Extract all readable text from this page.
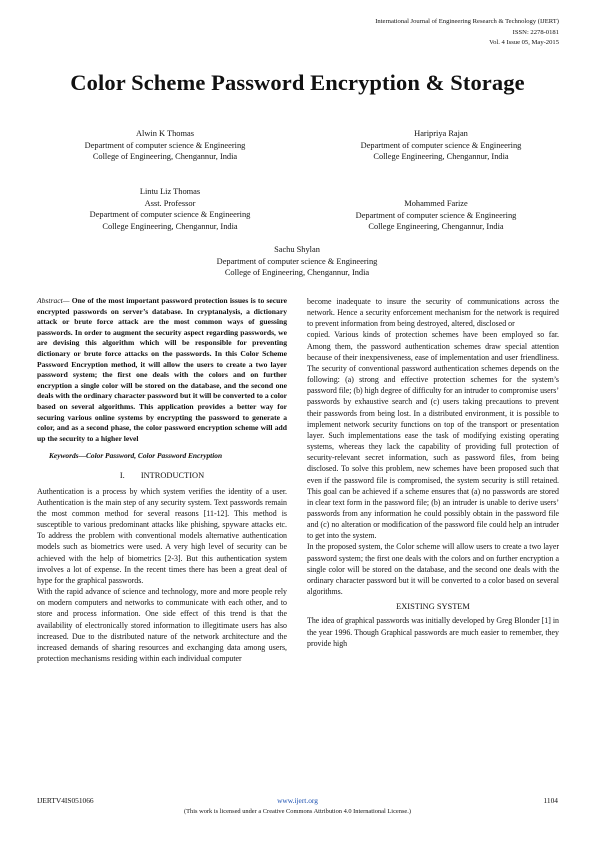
International Journal of Engineering Research & Technology (IJERT)
ISSN: 2278-0181
Vol. 4 Issue 05, May-2015
Color Scheme Password Encryption & Storage
Alwin K Thomas
Department of computer science & Engineering
College of Engineering, Chengannur, India
Haripriya Rajan
Department of computer science & Engineering
College Engineering, Chengannur, India
Lintu Liz Thomas
Asst. Professor
Department of computer science & Engineering
College Engineering, Chengannur, India
Mohammed Farize
Department of computer science & Engineering
College Engineering, Chengannur, India
Sachu Shylan
Department of computer science & Engineering
College of Engineering, Chengannur, India

Abstract— One of the most important password protection issues is to secure encrypted passwords on server’s database. In cryptanalysis, a dictionary attack or brute force attack are the most common ways of guessing passwords. In order to augment the security aspect regarding passwords, we are devising this algorithm which will be responsible for preventing dictionary or brute force attacks on the passwords. In this Color Scheme Password Encryption method, it will allow the users to create a two layer password system; the first one deals with the colors and on further encryption a single color will be stored on the database, and the second one deals with the ordinary character password but it will be converted to a color based on several algorithms. This application provides a better way for securing various online systems by encrypting the password to generate a color, and as a second phase, the color password encryption scheme will add up the security to a higher level

Keywords—Color Password, Color Password Encryption

I. INTRODUCTION

Authentication is a process by which system verifies the identity of a user. Authentication is the main step of any security system. Text passwords remain the most common method for several reasons [11-12]. This method is susceptible to various predominant attacks like phishing, spyware attacks etc. To address the problem with conventional models alternative authentication models such as biometrics were used. A very high level of security can be achieved with the help of biometrics [2-3]. But this authentication system involves a lot of expense. In the recent times there has been a great deal of hype for the graphical passwords.

With the rapid advance of science and technology, more and more people rely on modern computers and networks to communicate with each other, and to store and process information. One side effect of this trend is that the availability of electronically stored information to illegitimate users has also increased. Due to the distributed nature of the network architecture and the increased demands of sharing resources and exchanging data among users, protection mechanisms residing within each individual computer

become inadequate to insure the security of communications across the network. Hence a security enforcement mechanism for the network is required to prevent information from being destroyed, altered, disclosed or

copied. Various kinds of protection schemes have been employed so far. Among them, the password authentication schemes draw special attention because of their inexpensiveness, ease of implementation and user friendliness. The security of conventional password authentication schemes depends on the following: (a) strong and effective protection schemes for the system’s password file; (b) high degree of difficulty for an intruder to compromise users’ passwords by exhaustive search and (c) users taking precautions to prevent their passwords from being lost. In a distributed environment, it is possible to implement network security functions on top of the transport or presentation layer. Such implementations ease the task of modifying existing operating systems, whereas they lack the capability of providing full protection of security-relevant secret information, such as password files, from being disclosed. To solve this problem, new schemes have been proposed such that even if the password file is compromised, the system security is still retained. This goal can be achieved if a scheme ensures that (a) no passwords are stored in clear text form in the password file; (b) an intruder is unable to derive users’ passwords from any information he could possibly obtain in the password file and (c) no alteration or modification of the password file could help an intruder to get into the system.

In the proposed system, the Color scheme will allow users to create a two layer password system; the first one deals with the colors and on further encryption a single color will be stored on the database, and the second one deals with the ordinary character password but it will be converted to a color based on several algorithms.

EXISTING SYSTEM

The idea of graphical passwords was initially developed by Greg Blonder [1] in the year 1996. Though Graphical passwords are much easier to remember, they provide high

IJERTV4IS051066	www.ijert.org	1104
(This work is licensed under a Creative Commons Attribution 4.0 International License.)
